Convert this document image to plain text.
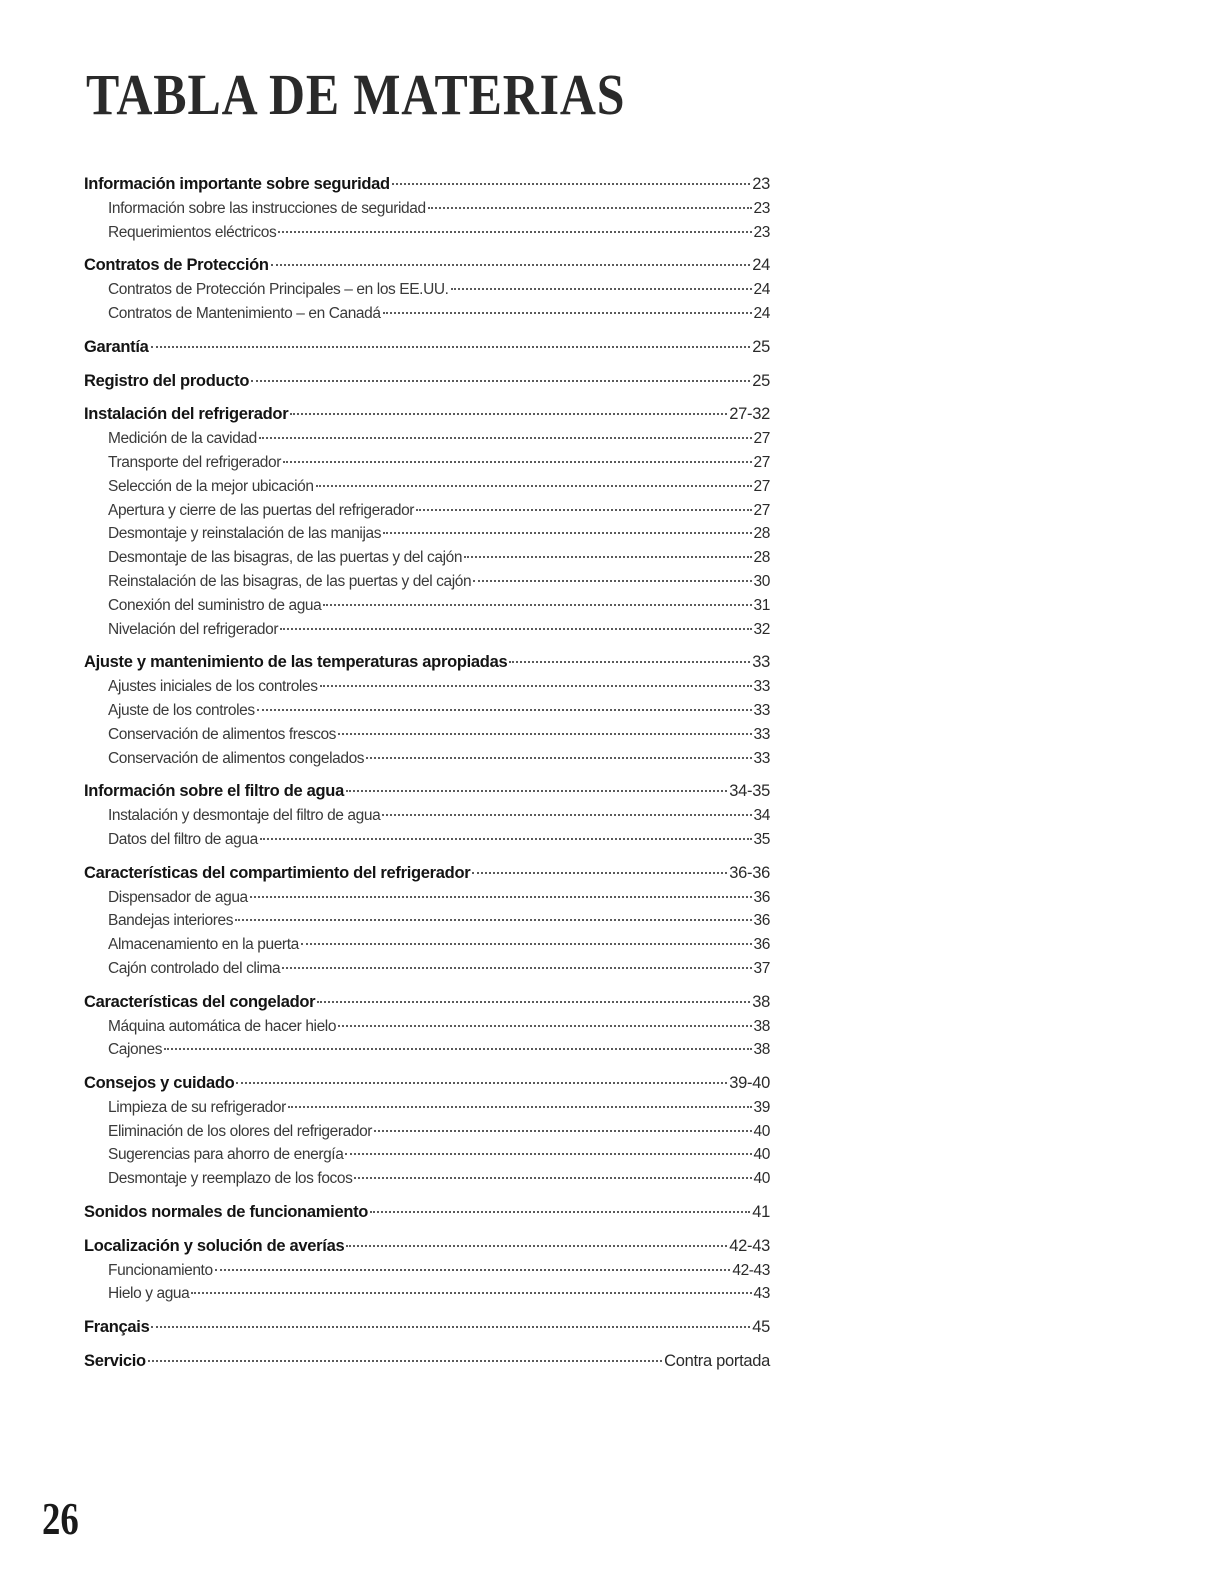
TABLA DE MATERIAS
Información importante sobre seguridad	23
Información sobre las instrucciones de seguridad	23
Requerimientos eléctricos	23
Contratos de Protección	24
Contratos de Protección Principales – en los EE.UU.	24
Contratos de Mantenimiento – en Canadá	24
Garantía	25
Registro del producto	25
Instalación del refrigerador	27-32
Medición de la cavidad	27
Transporte del refrigerador	27
Selección de la mejor ubicación	27
Apertura y cierre de las puertas del refrigerador	27
Desmontaje y reinstalación de las manijas	28
Desmontaje de las bisagras, de las puertas y del cajón	28
Reinstalación de las bisagras, de las puertas y del cajón	30
Conexión del suministro de agua	31
Nivelación del refrigerador	32
Ajuste y mantenimiento de las temperaturas apropiadas	33
Ajustes iniciales de los controles	33
Ajuste de los controles	33
Conservación de alimentos frescos	33
Conservación de alimentos congelados	33
Información sobre el filtro de agua	34-35
Instalación y desmontaje del filtro de agua	34
Datos del filtro de agua	35
Características del compartimiento del refrigerador	36-36
Dispensador de agua	36
Bandejas interiores	36
Almacenamiento en la puerta	36
Cajón controlado del clima	37
Características del congelador	38
Máquina automática de hacer hielo	38
Cajones	38
Consejos y cuidado	39-40
Limpieza de su refrigerador	39
Eliminación de los olores del refrigerador	40
Sugerencias para ahorro de energía	40
Desmontaje y reemplazo de los focos	40
Sonidos normales de funcionamiento	41
Localización y solución de averías	42-43
Funcionamiento	42-43
Hielo y agua	43
Français	45
Servicio	Contra portada
26
